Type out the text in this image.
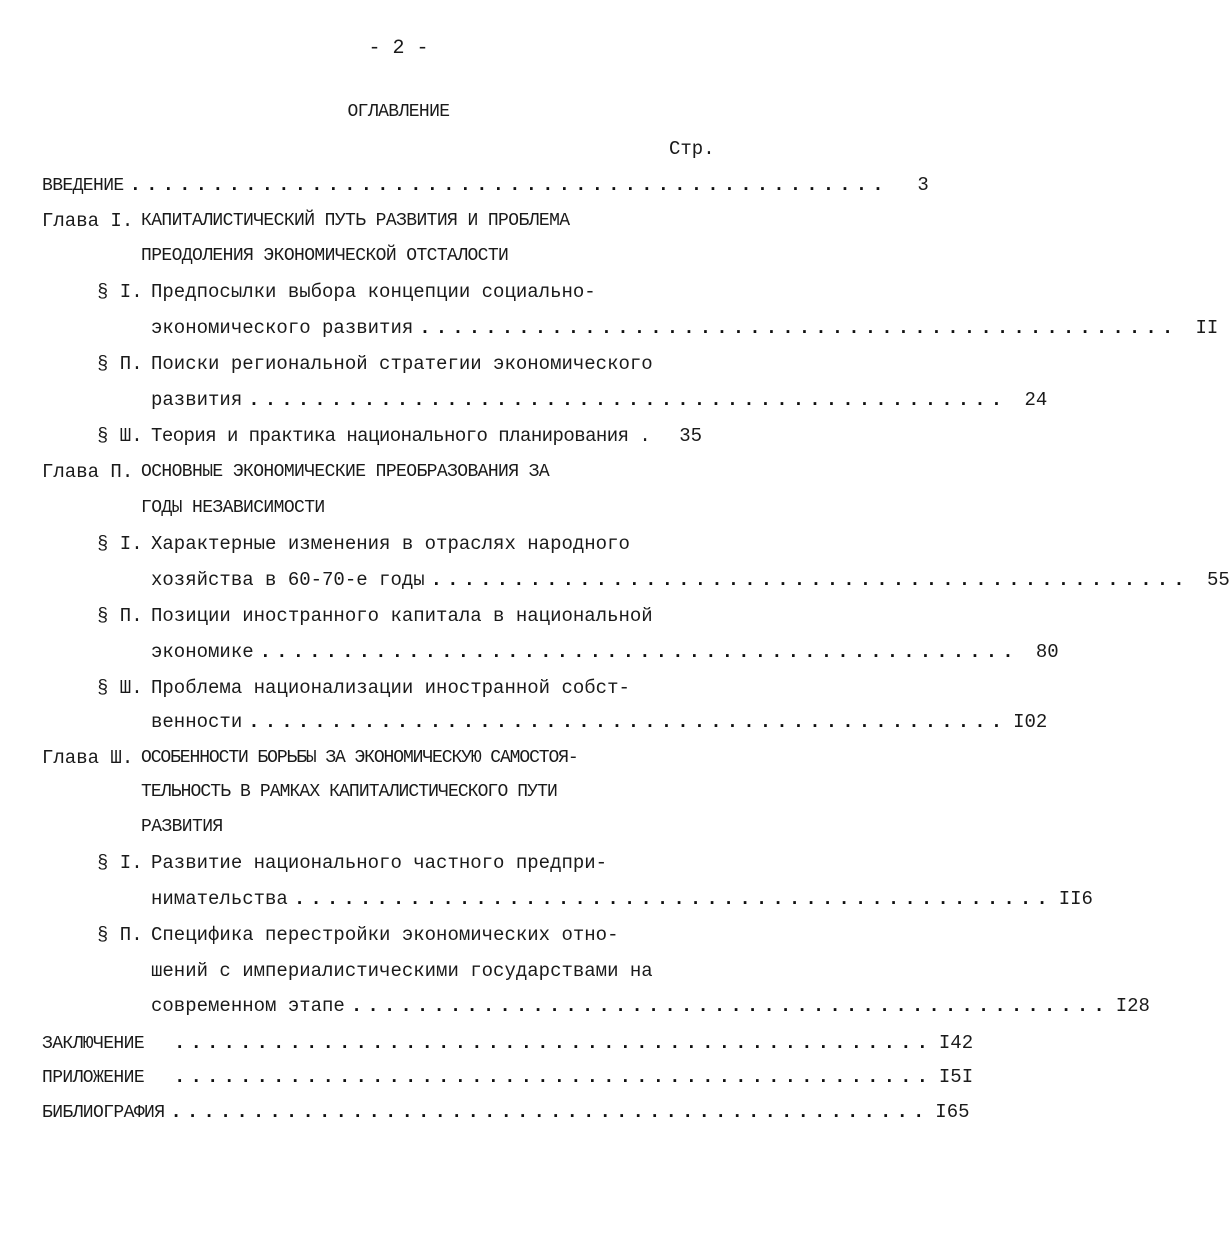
- 2 -
ОГЛАВЛЕНИЕ
Стр.
ВВЕДЕНИЕ ..............................................	3
Глава I. КАПИТАЛИСТИЧЕСКИЙ ПУТЬ РАЗВИТИЯ И ПРОБЛЕМА
ПРЕОДОЛЕНИЯ ЭКОНОМИЧЕСКОЙ ОТСТАЛОСТИ
§ I. Предпосылки выбора концепции социально-
экономического развития .............................................. II
§ П. Поиски региональной стратегии экономического
развития .............................................. 24
§ Ш. Теория и практика национального планирования .	35
Глава П. ОСНОВНЫЕ ЭКОНОМИЧЕСКИЕ ПРЕОБРАЗОВАНИЯ ЗА
ГОДЫ НЕЗАВИСИМОСТИ
§ I. Характерные изменения в отраслях народного
хозяйства в 60-70-е годы .............................................. 55
§ П. Позиции иностранного капитала в национальной
экономике .............................................. 80
§ Ш. Проблема национализации иностранной собст-
венности .............................................. I02
Глава Ш. ОСОБЕННОСТИ БОРЬБЫ ЗА ЭКОНОМИЧЕСКУЮ САМОСТОЯ-
ТЕЛЬНОСТЬ В РАМКАХ КАПИТАЛИСТИЧЕСКОГО ПУТИ
РАЗВИТИЯ
§ I. Развитие национального частного предпри-
нимательства .............................................. II6
§ П. Специфика перестройки экономических отно-
шений с империалистическими государствами на
современном этапе .............................................. I28
ЗАКЛЮЧЕНИЕ	.............................................. I42
ПРИЛОЖЕНИЕ	.............................................. I5I
БИБЛИОГРАФИЯ .............................................. I65
